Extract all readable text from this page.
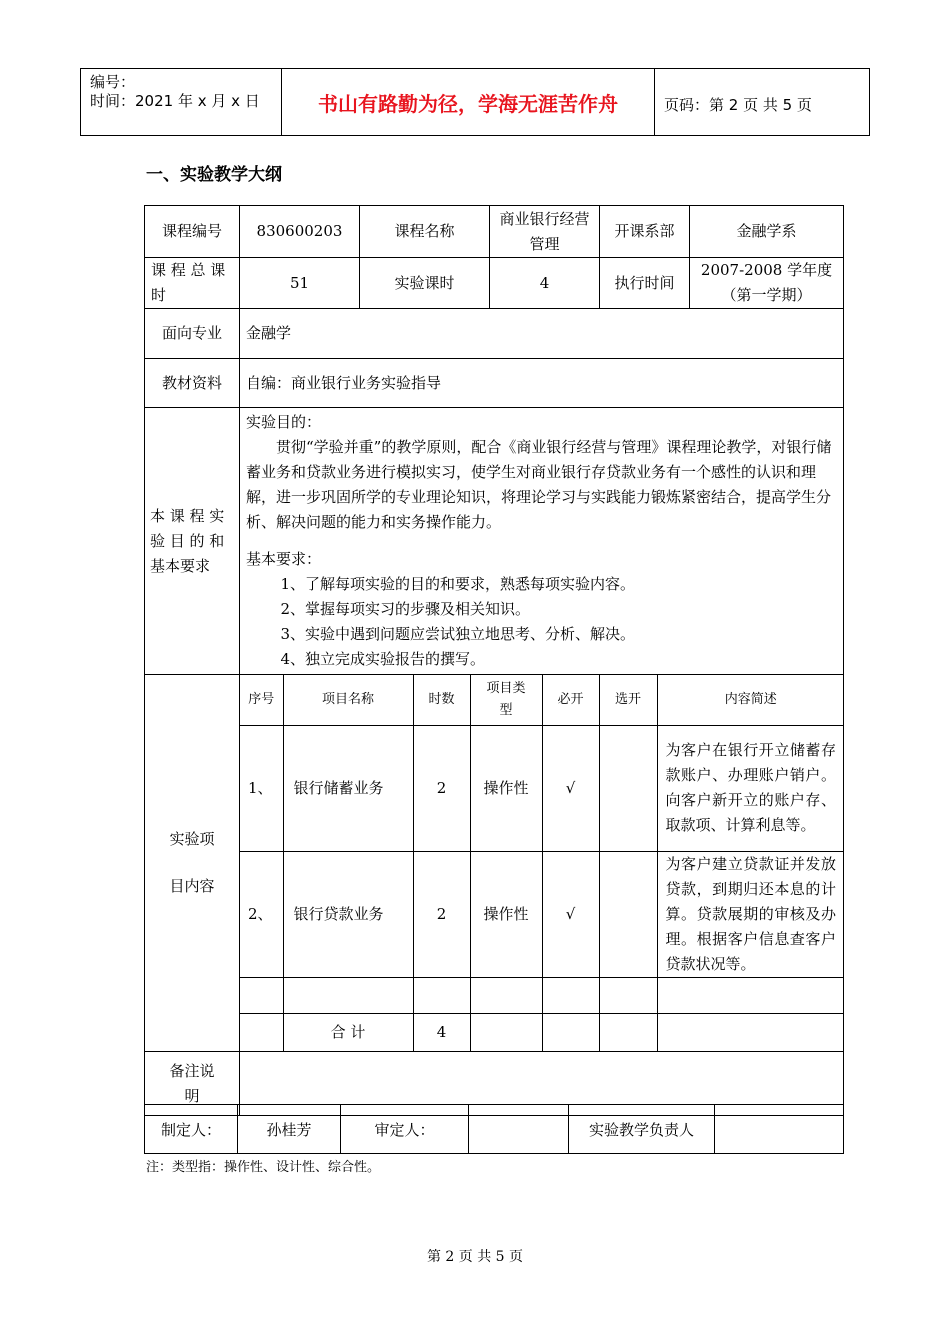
编号：
时间：2021 年 x 月 x 日	书山有路勤为径，学海无涯苦作舟	页码：第 2 页 共 5 页
一、实验教学大纲
课程编号	830600203	课程名称	商业银行经营管理	开课系部	金融学系
课 程 总 课 时	51	实验课时	4	执行时间	2007-2008 学年度（第一学期）
面向专业	金融学
教材资料	自编：商业银行业务实验指导
本 课 程 实 验 目 的 和 基本要求	
实验目的：
贯彻“学验并重”的教学原则，配合《商业银行经营与管理》课程理论教学，对银行储蓄业务和贷款业务进行模拟实习，使学生对商业银行存贷款业务有一个感性的认识和理解，进一步巩固所学的专业理论知识，将理论学习与实践能力锻炼紧密结合，提高学生分析、解决问题的能力和实务操作能力。
基本要求：
1、了解每项实验的目的和要求，熟悉每项实验内容。
2、掌握每项实习的步骤及相关知识。
3、实验中遇到问题应尝试独立地思考、分析、解决。
4、独立完成实验报告的撰写。

实验项
目内容

序号	项目名称	时数	项目类型	必开	选开	内容简述
1、	银行储蓄业务	2	操作性	√		为客户在银行开立储蓄存款账户、办理账户销户。向客户新开立的账户存、取款项、计算利息等。
2、	银行贷款业务	2	操作性	√		为客户建立贷款证并发放贷款，到期归还本息的计算。贷款展期的审核及办理。根据客户信息查客户贷款状况等。

	合 计	4				

备注说明	
制定人：	孙桂芳	审定人：		实验教学负责人	
注：类型指：操作性、设计性、综合性。
第 2 页 共 5 页
